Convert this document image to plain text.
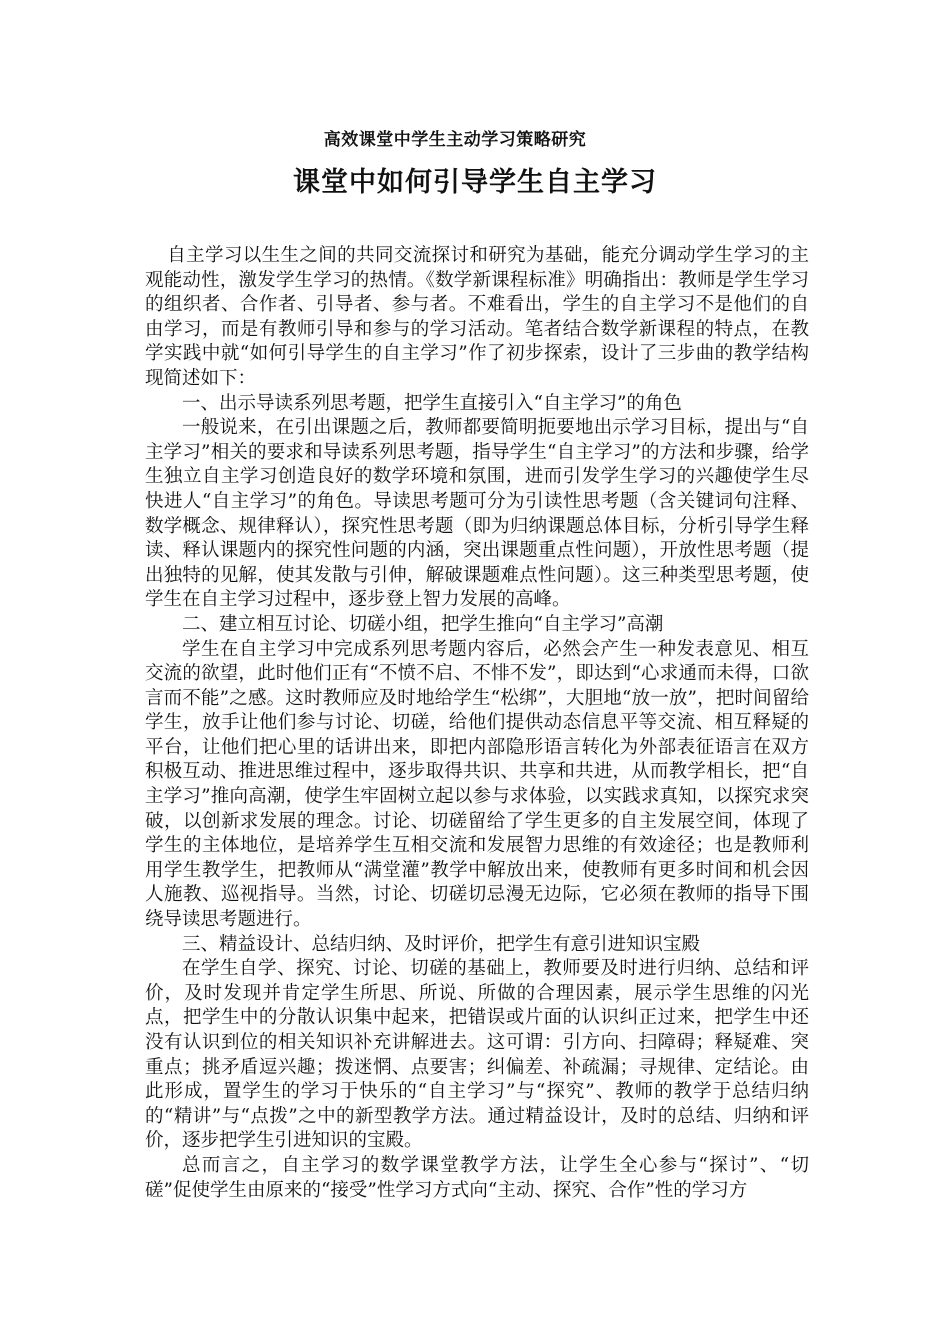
高效课堂中学生主动学习策略研究
课堂中如何引导学生自主学习

自主学习以生生之间的共同交流探讨和研究为基础，能充分调动学生学习的主观能动性，激发学生学习的热情。《数学新课程标准》明确指出：教师是学生学习的组织者、合作者、引导者、参与者。不难看出，学生的自主学习不是他们的自由学习，而是有教师引导和参与的学习活动。笔者结合数学新课程的特点，在教学实践中就“如何引导学生的自主学习”作了初步探索，设计了三步曲的教学结构现简述如下：

一、出示导读系列思考题，把学生直接引入“自主学习”的角色

一般说来，在引出课题之后，教师都要简明扼要地出示学习目标，提出与“自主学习”相关的要求和导读系列思考题，指导学生“自主学习”的方法和步骤，给学生独立自主学习创造良好的数学环境和氛围，进而引发学生学习的兴趣使学生尽快进人“自主学习”的角色。导读思考题可分为引读性思考题（含关键词句注释、数学概念、规律释认），探究性思考题（即为归纳课题总体目标，分析引导学生释读、释认课题内的探究性问题的内涵，突出课题重点性问题），开放性思考题（提出独特的见解，使其发散与引伸，解破课题难点性问题）。这三种类型思考题，使学生在自主学习过程中，逐步登上智力发展的高峰。

二、建立相互讨论、切磋小组，把学生推向“自主学习”高潮

学生在自主学习中完成系列思考题内容后，必然会产生一种发表意见、相互交流的欲望，此时他们正有“不愤不启、不悱不发”，即达到“心求通而未得，口欲言而不能”之感。这时教师应及时地给学生“松绑”，大胆地“放一放”，把时间留给学生，放手让他们参与讨论、切磋，给他们提供动态信息平等交流、相互释疑的平台，让他们把心里的话讲出来，即把内部隐形语言转化为外部表征语言在双方积极互动、推进思维过程中，逐步取得共识、共享和共进，从而教学相长，把“自主学习”推向高潮，使学生牢固树立起以参与求体验，以实践求真知，以探究求突破，以创新求发展的理念。讨论、切磋留给了学生更多的自主发展空间，体现了学生的主体地位，是培养学生互相交流和发展智力思维的有效途径；也是教师利用学生教学生，把教师从“满堂灌”教学中解放出来，使教师有更多时间和机会因人施教、巡视指导。当然，讨论、切磋切忌漫无边际，它必须在教师的指导下围绕导读思考题进行。

三、精益设计、总结归纳、及时评价，把学生有意引进知识宝殿

在学生自学、探究、讨论、切磋的基础上，教师要及时进行归纳、总结和评价，及时发现并肯定学生所思、所说、所做的合理因素，展示学生思维的闪光点，把学生中的分散认识集中起来，把错误或片面的认识纠正过来，把学生中还没有认识到位的相关知识补充讲解进去。这可谓：引方向、扫障碍；释疑难、突重点；挑矛盾逗兴趣；拨迷惘、点要害；纠偏差、补疏漏；寻规律、定结论。由此形成，置学生的学习于快乐的“自主学习”与“探究”、教师的教学于总结归纳的“精讲”与“点拨”之中的新型教学方法。通过精益设计，及时的总结、归纳和评价，逐步把学生引进知识的宝殿。

总而言之，自主学习的数学课堂教学方法，让学生全心参与“探讨”、“切磋”促使学生由原来的“接受”性学习方式向“主动、探究、合作”性的学习方
